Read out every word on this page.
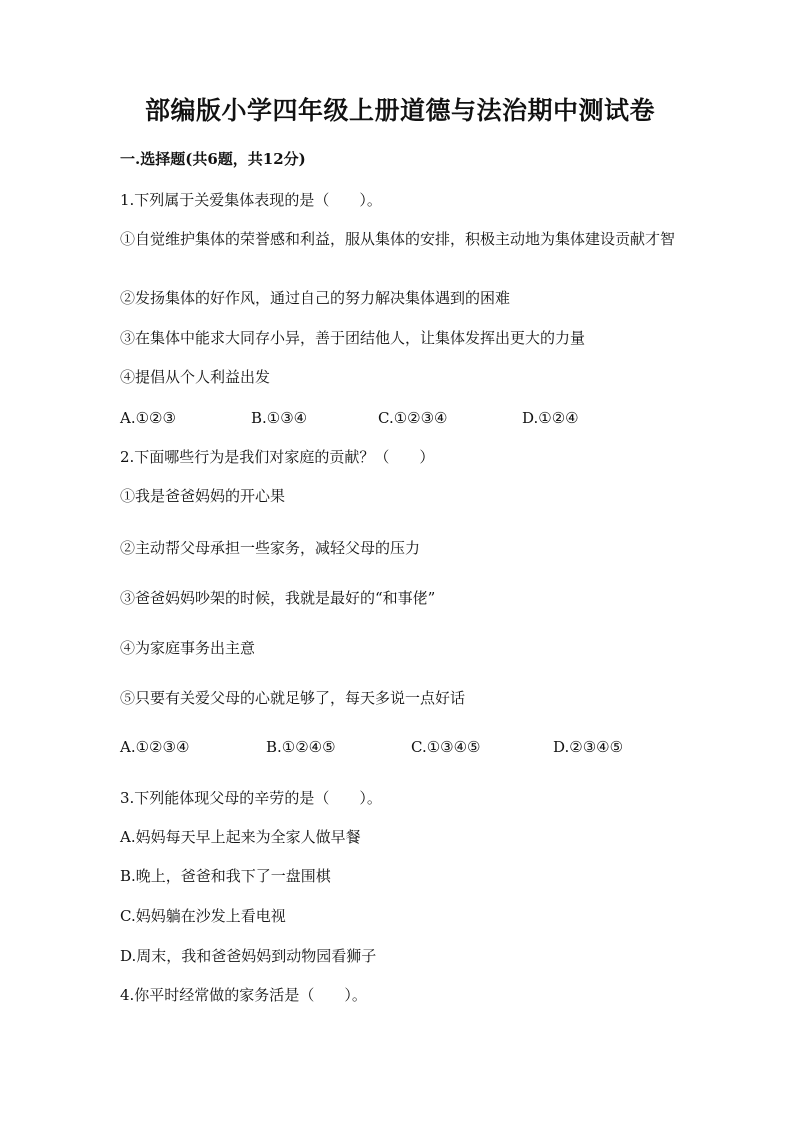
部编版小学四年级上册道德与法治期中测试卷
一.选择题(共6题，共12分)
1.下列属于关爱集体表现的是（　　）。
①自觉维护集体的荣誉感和利益，服从集体的安排，积极主动地为集体建设贡献才智
②发扬集体的好作风，通过自己的努力解决集体遇到的困难
③在集体中能求大同存小异，善于团结他人，让集体发挥出更大的力量
④提倡从个人利益出发
A.①②③	B.①③④	C.①②③④	D.①②④
2.下面哪些行为是我们对家庭的贡献？（　　）
①我是爸爸妈妈的开心果
②主动帮父母承担一些家务，减轻父母的压力
③爸爸妈妈吵架的时候，我就是最好的“和事佬”
④为家庭事务出主意
⑤只要有关爱父母的心就足够了，每天多说一点好话
A.①②③④	B.①②④⑤	C.①③④⑤	D.②③④⑤
3.下列能体现父母的辛劳的是（　　）。
A.妈妈每天早上起来为全家人做早餐
B.晚上，爸爸和我下了一盘围棋
C.妈妈躺在沙发上看电视
D.周末，我和爸爸妈妈到动物园看狮子
4.你平时经常做的家务活是（　　）。
